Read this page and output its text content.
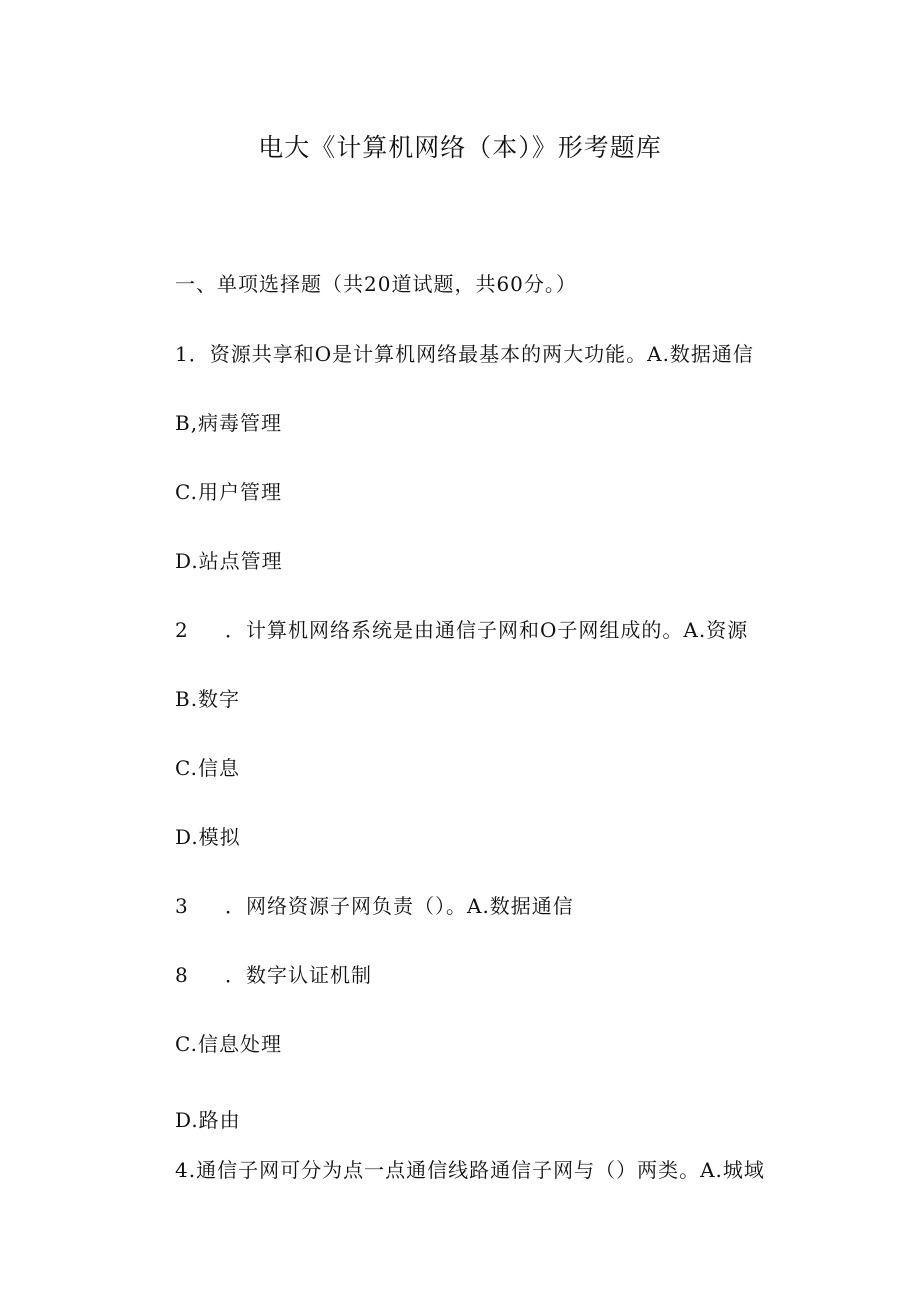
电大《计算机网络（本）》形考题库
一、单项选择题（共20道试题，共60分。）
1．资源共享和O是计算机网络最基本的两大功能。A.数据通信
B,病毒管理
C.用户管理
D.站点管理
2 ．计算机网络系统是由通信子网和O子网组成的。A.资源
B.数字
C.信息
D.模拟
3 ．网络资源子网负责（）。A.数据通信
8 ．数字认证机制
C.信息处理
D.路由
4.通信子网可分为点一点通信线路通信子网与（）两类。A.城域
